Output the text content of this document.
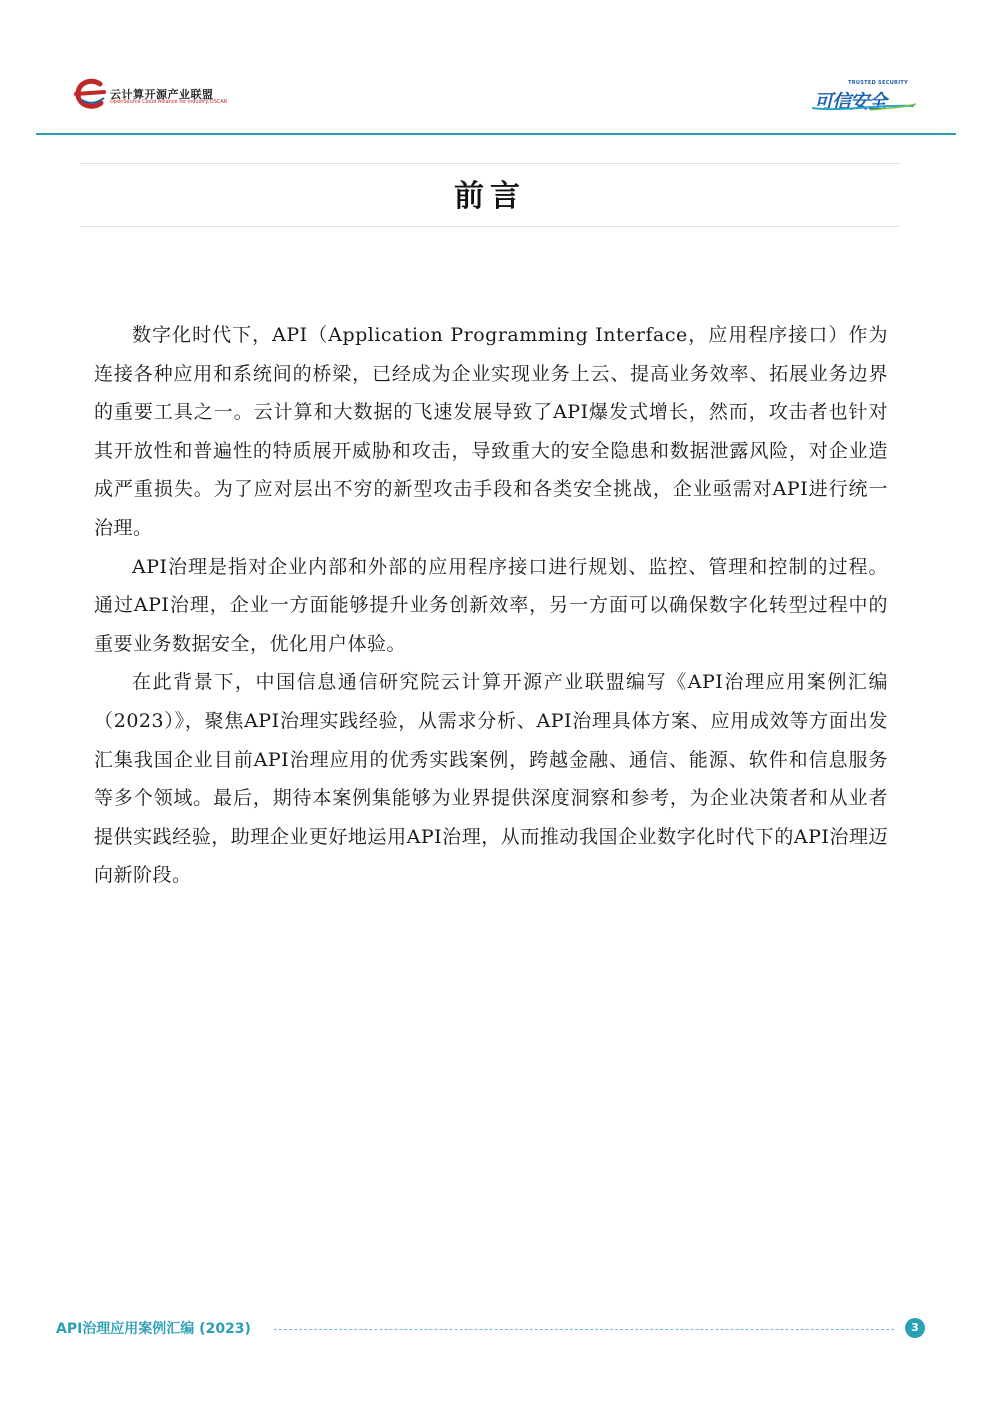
云计算开源产业联盟
OpenSource Cloud Alliance for industry,OSCAR
TRUSTED SECURITY
可信安全
前言

数字化时代下，API（Application Programming Interface，应用程序接口）作为连接各种应用和系统间的桥梁，已经成为企业实现业务上云、提高业务效率、拓展业务边界的重要工具之一。云计算和大数据的飞速发展导致了API爆发式增长，然而，攻击者也针对其开放性和普遍性的特质展开威胁和攻击，导致重大的安全隐患和数据泄露风险，对企业造成严重损失。为了应对层出不穷的新型攻击手段和各类安全挑战，企业亟需对API进行统一治理。

API治理是指对企业内部和外部的应用程序接口进行规划、监控、管理和控制的过程。通过API治理，企业一方面能够提升业务创新效率，另一方面可以确保数字化转型过程中的重要业务数据安全，优化用户体验。

在此背景下，中国信息通信研究院云计算开源产业联盟编写《API治理应用案例汇编（2023）》，聚焦API治理实践经验，从需求分析、API治理具体方案、应用成效等方面出发汇集我国企业目前API治理应用的优秀实践案例，跨越金融、通信、能源、软件和信息服务等多个领域。最后，期待本案例集能够为业界提供深度洞察和参考，为企业决策者和从业者提供实践经验，助理企业更好地运用API治理，从而推动我国企业数字化时代下的API治理迈向新阶段。

API治理应用案例汇编 (2023)	3
